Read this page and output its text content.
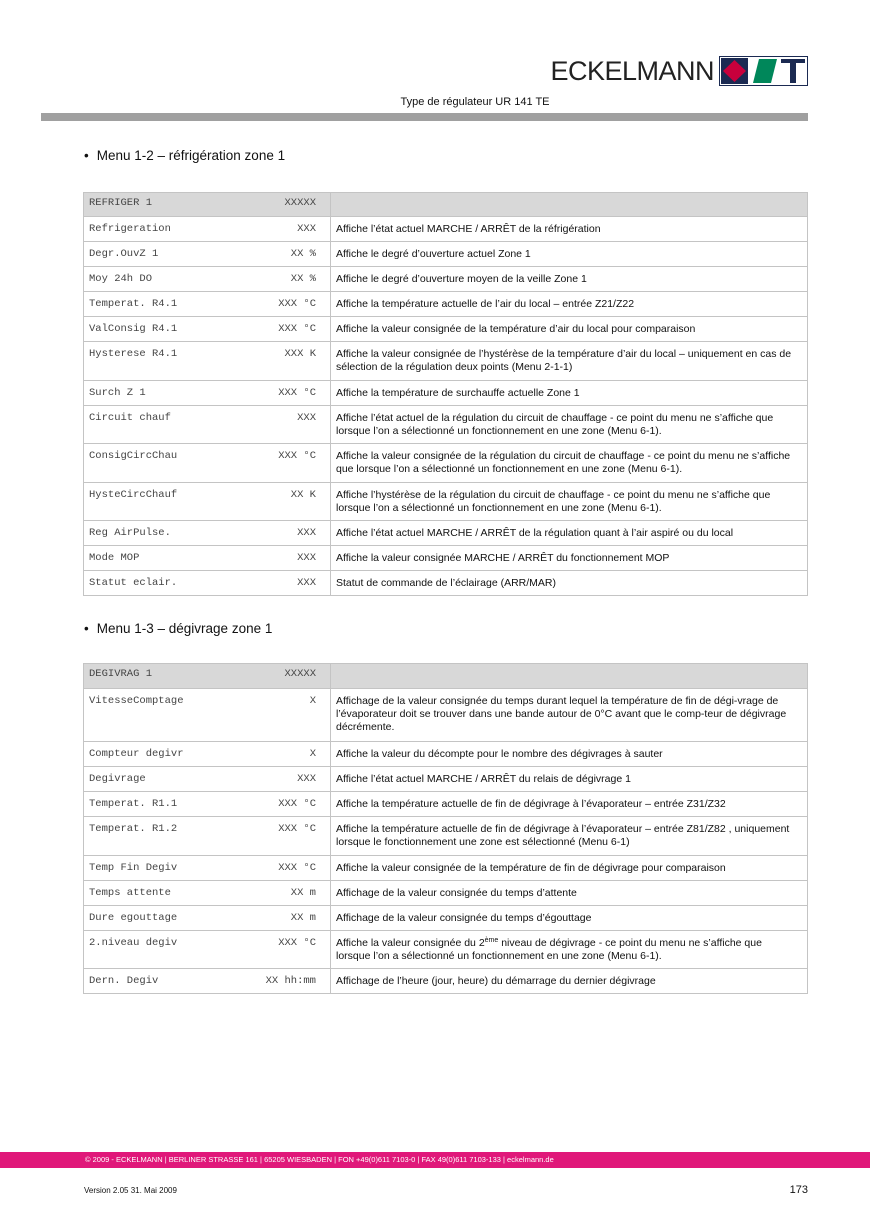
ECKELMANN
Type de régulateur UR 141 TE
• Menu 1-2 – réfrigération zone 1
REFRIGER 1 XXXXX	

Refrigeration XXX	Affiche l’état actuel MARCHE / ARRÊT de la réfrigération

Degr.OuvZ 1 XX %	Affiche le degré d’ouverture actuel Zone 1

Moy 24h DO XX %	Affiche le degré d’ouverture moyen de la veille Zone 1

Temperat. R4.1 XXX °C	Affiche la température actuelle de l’air du local – entrée Z21/Z22

ValConsig R4.1 XXX °C	Affiche la valeur consignée de la température d’air du local pour comparaison

Hysterese R4.1 XXX K	Affiche la valeur consignée de l’hystérèse de la température d’air du local – uniquement en cas de sélection de la régulation deux points (Menu 2-1-1)

Surch Z 1 XXX °C	Affiche la température de surchauffe actuelle Zone 1

Circuit chauf XXX	Affiche l’état actuel de la régulation du circuit de chauffage - ce point du menu ne s’affiche que lorsque l’on a sélectionné un fonctionnement en une zone (Menu 6-1).

ConsigCircChau XXX °C	Affiche la valeur consignée de la régulation du circuit de chauffage - ce point du menu ne s’affiche que lorsque l’on a sélectionné un fonctionnement en une zone (Menu 6-1).

HysteCircChauf XX K	Affiche l’hystérèse de la régulation du circuit de chauffage - ce point du menu ne s’affiche que lorsque l’on a sélectionné un fonctionnement en une zone (Menu 6-1).

Reg AirPulse. XXX	Affiche l’état actuel MARCHE / ARRÊT de la régulation quant à l’air aspiré ou du local

Mode MOP XXX	Affiche la valeur consignée MARCHE / ARRÊT du fonctionnement MOP

Statut eclair. XXX	Statut de commande de l’éclairage (ARR/MAR)
• Menu 1-3 – dégivrage zone 1
DEGIVRAG 1 XXXXX	

VitesseComptage X	Affichage de la valeur consignée du temps durant lequel la température de fin de dégi-vrage de l’évaporateur doit se trouver dans une bande autour de 0°C avant que le comp-teur de dégivrage décrémente.

Compteur degivr X	Affiche la valeur du décompte pour le nombre des dégivrages à sauter

Degivrage XXX	Affiche l’état actuel MARCHE / ARRÊT du relais de dégivrage 1

Temperat. R1.1 XXX °C	Affiche la température actuelle de fin de dégivrage à l’évaporateur – entrée Z31/Z32

Temperat. R1.2 XXX °C	Affiche la température actuelle de fin de dégivrage à l’évaporateur – entrée Z81/Z82 , uniquement lorsque le fonctionnement une zone est sélectionné (Menu 6-1)

Temp Fin Degiv XXX °C	Affiche la valeur consignée de la température de fin de dégivrage pour comparaison

Temps attente XX m	Affichage de la valeur consignée du temps d’attente

Dure egouttage XX m	Affichage de la valeur consignée du temps d’égouttage

2.niveau degiv XXX °C	Affiche la valeur consignée du 2ème niveau de dégivrage - ce point du menu ne s’affiche que lorsque l’on a sélectionné un fonctionnement en une zone (Menu 6-1).

Dern. Degiv XX hh:mm	Affichage de l’heure (jour, heure) du démarrage du dernier dégivrage
© 2009 - ECKELMANN | BERLINER STRASSE 161 | 65205 WIESBADEN | FON +49(0)611 7103-0 | FAX 49(0)611 7103-133 | eckelmann.de
Version 2.05 31. Mai 2009	173
